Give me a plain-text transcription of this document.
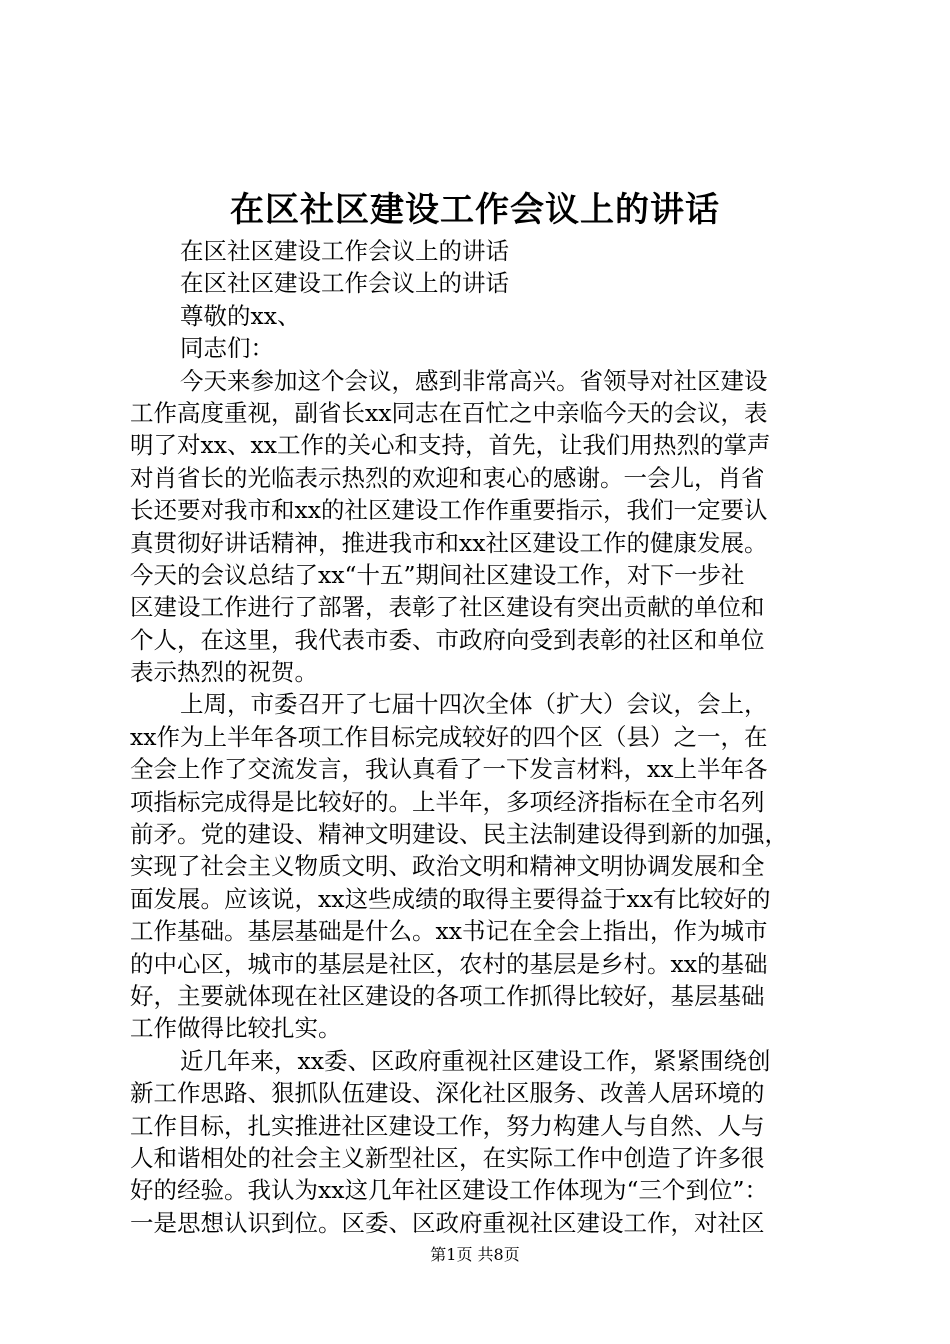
在区社区建设工作会议上的讲话
在区社区建设工作会议上的讲话
在区社区建设工作会议上的讲话
尊敬的xx、
同志们：
今天来参加这个会议，感到非常高兴。省领导对社区建设
工作高度重视，副省长xx同志在百忙之中亲临今天的会议，表
明了对xx、xx工作的关心和支持，首先，让我们用热烈的掌声
对肖省长的光临表示热烈的欢迎和衷心的感谢。一会儿，肖省
长还要对我市和xx的社区建设工作作重要指示，我们一定要认
真贯彻好讲话精神，推进我市和xx社区建设工作的健康发展。
今天的会议总结了xx“十五”期间社区建设工作，对下一步社
区建设工作进行了部署，表彰了社区建设有突出贡献的单位和
个人，在这里，我代表市委、市政府向受到表彰的社区和单位
表示热烈的祝贺。
上周，市委召开了七届十四次全体（扩大）会议，会上，
xx作为上半年各项工作目标完成较好的四个区（县）之一，在
全会上作了交流发言，我认真看了一下发言材料，xx上半年各
项指标完成得是比较好的。上半年，多项经济指标在全市名列
前矛。党的建设、精神文明建设、民主法制建设得到新的加强，
实现了社会主义物质文明、政治文明和精神文明协调发展和全
面发展。应该说，xx这些成绩的取得主要得益于xx有比较好的
工作基础。基层基础是什么。xx书记在全会上指出，作为城市
的中心区，城市的基层是社区，农村的基层是乡村。xx的基础
好，主要就体现在社区建设的各项工作抓得比较好，基层基础
工作做得比较扎实。
近几年来，xx委、区政府重视社区建设工作，紧紧围绕创
新工作思路、狠抓队伍建设、深化社区服务、改善人居环境的
工作目标，扎实推进社区建设工作，努力构建人与自然、人与
人和谐相处的社会主义新型社区，在实际工作中创造了许多很
好的经验。我认为xx这几年社区建设工作体现为“三个到位”：
一是思想认识到位。区委、区政府重视社区建设工作，对社区
第1页 共8页
